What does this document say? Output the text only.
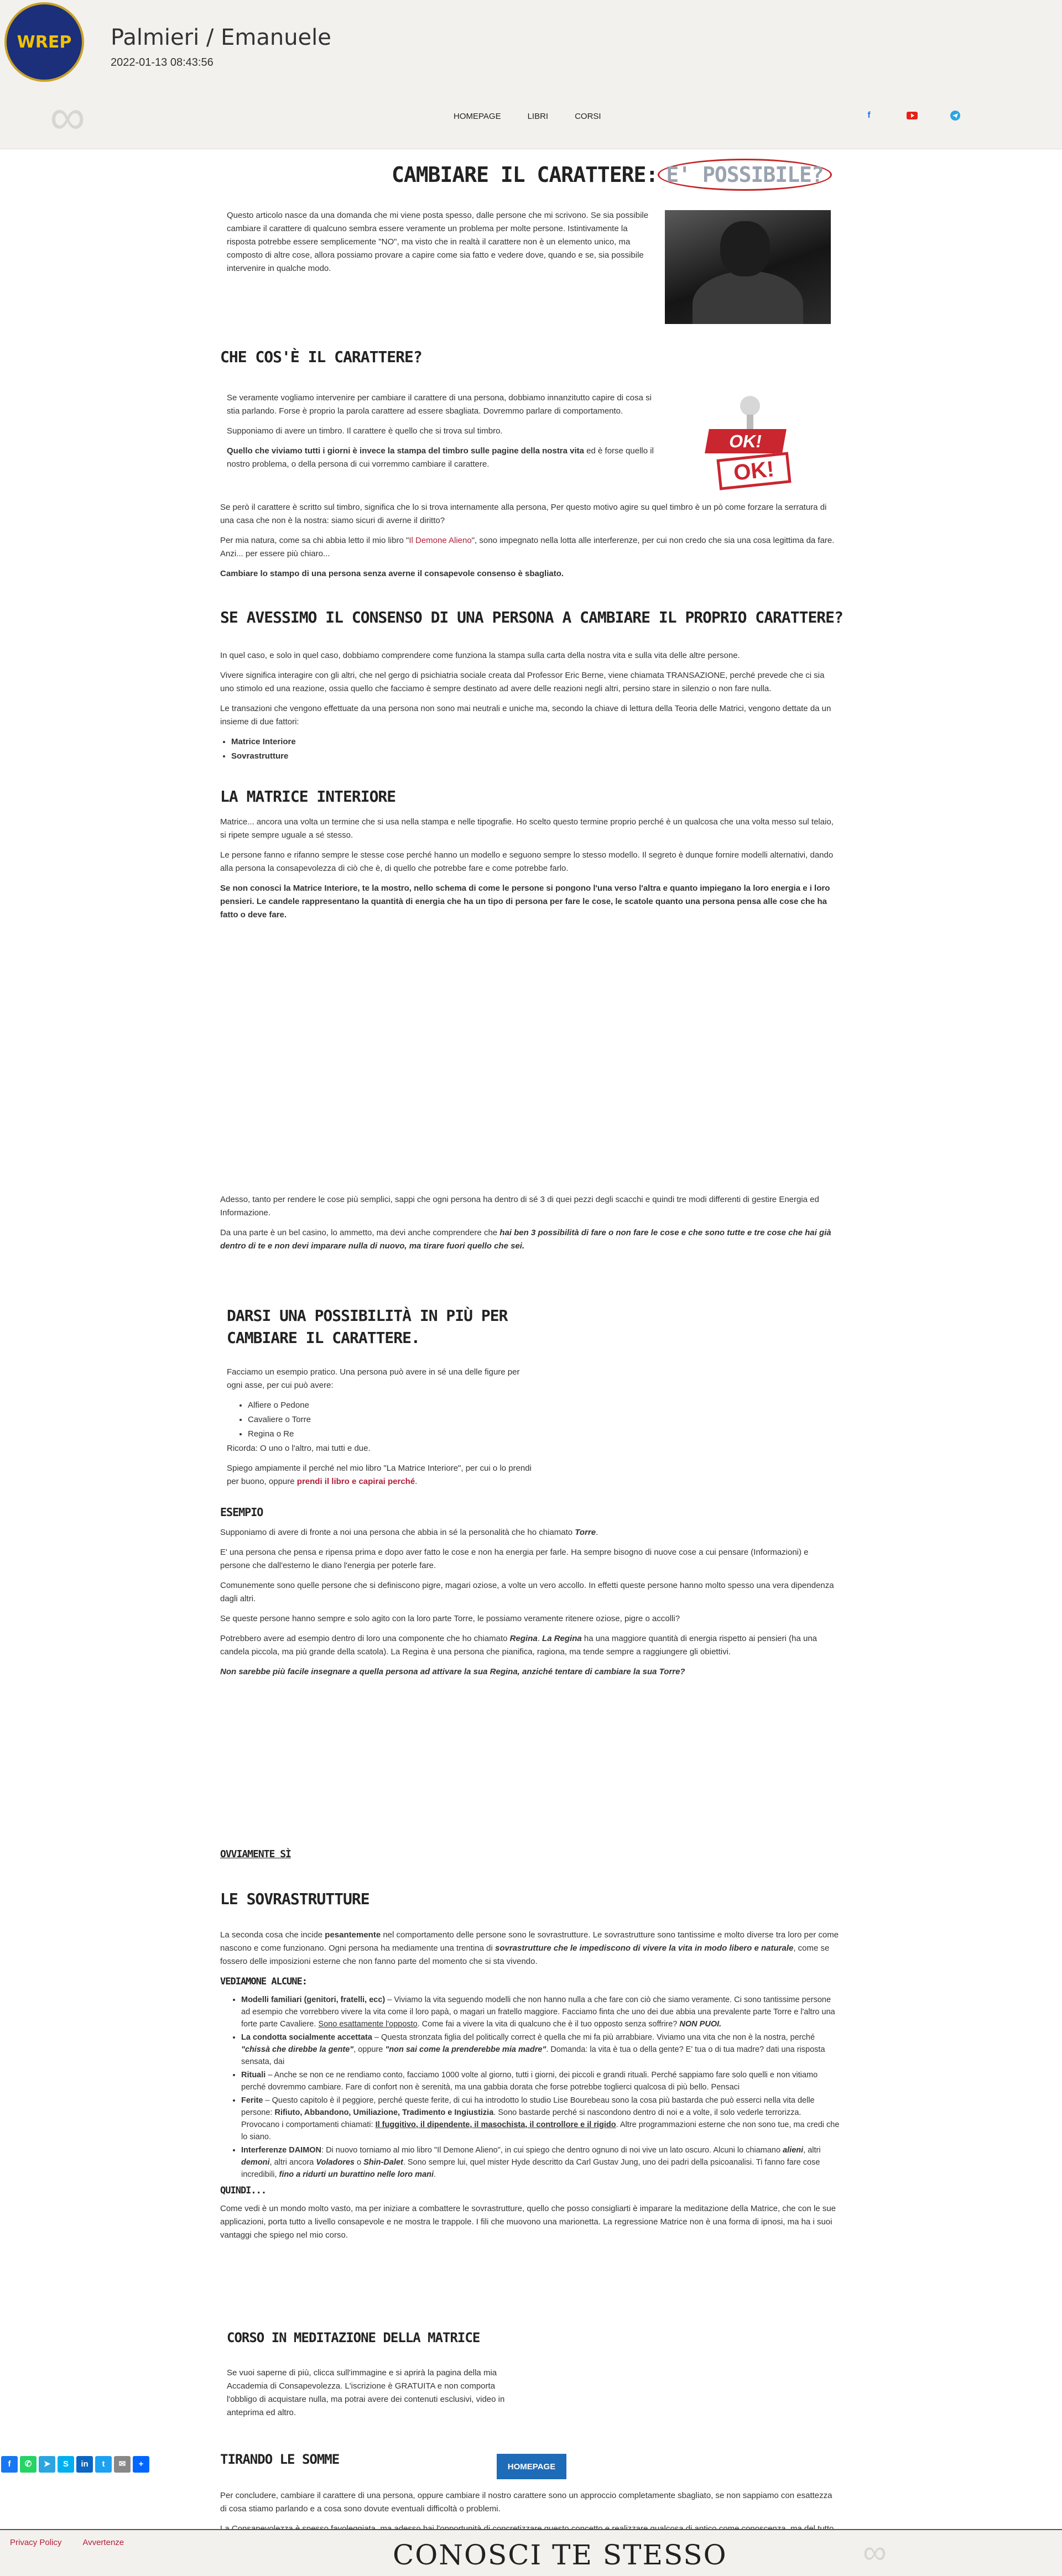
WREP Palmieri / Emanuele
2022-01-13 08:43:56
∞	HOMEPAGE	LIBRI	CORSI	f
CAMBIARE IL CARATTERE: E' POSSIBILE?

Questo articolo nasce da una domanda che mi viene posta spesso, dalle persone che mi scrivono. Se sia possibile cambiare il carattere di qualcuno sembra essere veramente un problema per molte persone. Istintivamente la risposta potrebbe essere semplicemente "NO", ma visto che in realtà il carattere non è un elemento unico, ma composto di altre cose, allora possiamo provare a capire come sia fatto e vedere dove, quando e se, sia possibile intervenire in qualche modo.

CHE COS'È IL CARATTERE?

Se veramente vogliamo intervenire per cambiare il carattere di una persona, dobbiamo innanzitutto capire di cosa si stia parlando. Forse è proprio la parola carattere ad essere sbagliata. Dovremmo parlare di comportamento.

Supponiamo di avere un timbro. Il carattere è quello che si trova sul timbro.

Quello che viviamo tutti i giorni è invece la stampa del timbro sulle pagine della nostra vita ed è forse quello il nostro problema, o della persona di cui vorremmo cambiare il carattere.

OK!
OK!

Se però il carattere è scritto sul timbro, significa che lo si trova internamente alla persona, Per questo motivo agire su quel timbro è un pò come forzare la serratura di una casa che non è la nostra: siamo sicuri di averne il diritto?

Per mia natura, come sa chi abbia letto il mio libro "Il Demone Alieno", sono impegnato nella lotta alle interferenze, per cui non credo che sia una cosa legittima da fare. Anzi... per essere più chiaro...

Cambiare lo stampo di una persona senza averne il consapevole consenso è sbagliato.

SE AVESSIMO IL CONSENSO DI UNA PERSONA A CAMBIARE IL PROPRIO CARATTERE?

In quel caso, e solo in quel caso, dobbiamo comprendere come funziona la stampa sulla carta della nostra vita e sulla vita delle altre persone.

Vivere significa interagire con gli altri, che nel gergo di psichiatria sociale creata dal Professor Eric Berne, viene chiamata TRANSAZIONE, perché prevede che ci sia uno stimolo ed una reazione, ossia quello che facciamo è sempre destinato ad avere delle reazioni negli altri, persino stare in silenzio o non fare nulla.

Le transazioni che vengono effettuate da una persona non sono mai neutrali e uniche ma, secondo la chiave di lettura della Teoria delle Matrici, vengono dettate da un insieme di due fattori:

• Matrice Interiore
• Sovrastrutture
LA MATRICE INTERIORE

Matrice... ancora una volta un termine che si usa nella stampa e nelle tipografie. Ho scelto questo termine proprio perché è un qualcosa che una volta messo sul telaio, si ripete sempre uguale a sé stesso.

Le persone fanno e rifanno sempre le stesse cose perché hanno un modello e seguono sempre lo stesso modello. Il segreto è dunque fornire modelli alternativi, dando alla persona la consapevolezza di ciò che è, di quello che potrebbe fare e come potrebbe farlo.

Se non conosci la Matrice Interiore, te la mostro, nello schema di come le persone si pongono l'una verso l'altra e quanto impiegano la loro energia e i loro pensieri. Le candele rappresentano la quantità di energia che ha un tipo di persona per fare le cose, le scatole quanto una persona pensa alle cose che ha fatto o deve fare.

Adesso, tanto per rendere le cose più semplici, sappi che ogni persona ha dentro di sé 3 di quei pezzi degli scacchi e quindi tre modi differenti di gestire Energia ed Informazione.

Da una parte è un bel casino, lo ammetto, ma devi anche comprendere che hai ben 3 possibilità di fare o non fare le cose e che sono tutte e tre cose che hai già dentro di te e non devi imparare nulla di nuovo, ma tirare fuori quello che sei.

DARSI UNA POSSIBILITÀ IN PIÙ PER CAMBIARE IL CARATTERE.

Facciamo un esempio pratico. Una persona può avere in sé una delle figure per ogni asse, per cui può avere:

• Alfiere o Pedone
• Cavaliere o Torre
• Regina o Re

Ricorda: O uno o l'altro, mai tutti e due.

Spiego ampiamente il perché nel mio libro "La Matrice Interiore", per cui o lo prendi per buono, oppure prendi il libro e capirai perché.

ESEMPIO

Supponiamo di avere di fronte a noi una persona che abbia in sé la personalità che ho chiamato Torre.

E' una persona che pensa e ripensa prima e dopo aver fatto le cose e non ha energia per farle. Ha sempre bisogno di nuove cose a cui pensare (Informazioni) e persone che dall'esterno le diano l'energia per poterle fare.

Comunemente sono quelle persone che si definiscono pigre, magari oziose, a volte un vero accollo. In effetti queste persone hanno molto spesso una vera dipendenza dagli altri.

Se queste persone hanno sempre e solo agito con la loro parte Torre, le possiamo veramente ritenere oziose, pigre o accolli?

Potrebbero avere ad esempio dentro di loro una componente che ho chiamato Regina. La Regina ha una maggiore quantità di energia rispetto ai pensieri (ha una candela piccola, ma più grande della scatola). La Regina è una persona che pianifica, ragiona, ma tende sempre a raggiungere gli obiettivi.

Non sarebbe più facile insegnare a quella persona ad attivare la sua Regina, anziché tentare di cambiare la sua Torre?

OVVIAMENTE SÌ
LE SOVRASTRUTTURE

La seconda cosa che incide pesantemente nel comportamento delle persone sono le sovrastrutture. Le sovrastrutture sono tantissime e molto diverse tra loro per come nascono e come funzionano. Ogni persona ha mediamente una trentina di sovrastrutture che le impediscono di vivere la vita in modo libero e naturale, come se fossero delle imposizioni esterne che non fanno parte del momento che si sta vivendo.

VEDIAMONE ALCUNE:
• Modelli familiari (genitori, fratelli, ecc) – Viviamo la vita seguendo modelli che non hanno nulla a che fare con ciò che siamo veramente. Ci sono tantissime persone ad esempio che vorrebbero vivere la vita come il loro papà, o magari un fratello maggiore. Facciamo finta che uno dei due abbia una prevalente parte Torre e l'altro una forte parte Cavaliere. Sono esattamente l'opposto. Come fai a vivere la vita di qualcuno che è il tuo opposto senza soffrire? NON PUOI.
• La condotta socialmente accettata – Questa stronzata figlia del politically correct è quella che mi fa più arrabbiare. Viviamo una vita che non è la nostra, perché "chissà che direbbe la gente", oppure "non sai come la prenderebbe mia madre". Domanda: la vita è tua o della gente? E' tua o di tua madre? dati una risposta sensata, dai
• Rituali – Anche se non ce ne rendiamo conto, facciamo 1000 volte al giorno, tutti i giorni, dei piccoli e grandi rituali. Perché sappiamo fare solo quelli e non vitiamo perché dovremmo cambiare. Fare di confort non è serenità, ma una gabbia dorata che forse potrebbe toglierci qualcosa di più bello. Pensaci
• Ferite – Questo capitolo è il peggiore, perché queste ferite, di cui ha introdotto lo studio Lise Bourebeau sono la cosa più bastarda che può esserci nella vita delle persone: Rifiuto, Abbandono, Umiliazione, Tradimento e Ingiustizia. Sono bastarde perché si nascondono dentro di noi e a volte, il solo vederle terrorizza. Provocano i comportamenti chiamati: Il fuggitivo, il dipendente, il masochista, il controllore e il rigido. Altre programmazioni esterne che non sono tue, ma credi che lo siano.
• Interferenze DAIMON: Di nuovo torniamo al mio libro "Il Demone Alieno", in cui spiego che dentro ognuno di noi vive un lato oscuro. Alcuni lo chiamano alieni, altri demoni, altri ancora Voladores o Shin-Dalet. Sono sempre lui, quel mister Hyde descritto da Carl Gustav Jung, uno dei padri della psicoanalisi. Ti fanno fare cose incredibili, fino a ridurti un burattino nelle loro mani.
QUINDI...

Come vedi è un mondo molto vasto, ma per iniziare a combattere le sovrastrutture, quello che posso consigliarti è imparare la meditazione della Matrice, che con le sue applicazioni, porta tutto a livello consapevole e ne mostra le trappole. I fili che muovono una marionetta. La regressione Matrice non è una forma di ipnosi, ma ha i suoi vantaggi che spiego nel mio corso.

CORSO IN MEDITAZIONE DELLA MATRICE

Se vuoi saperne di più, clicca sull'immagine e si aprirà la pagina della mia Accademia di Consapevolezza. L'iscrizione è GRATUITA e non comporta l'obbligo di acquistare nulla, ma potrai avere dei contenuti esclusivi, video in anteprima ed altro.

TIRANDO LE SOMME

Per concludere, cambiare il carattere di una persona, oppure cambiare il nostro carattere sono un approccio completamente sbagliato, se non sappiamo con esattezza di cosa stiamo parlando e a cosa sono dovute eventuali difficoltà o problemi.

HOMEPAGE
f	✆	➤	S	in	t	✉	+
Privacy Policy	Avvertenze	CONOSCI TE STESSO	∞
